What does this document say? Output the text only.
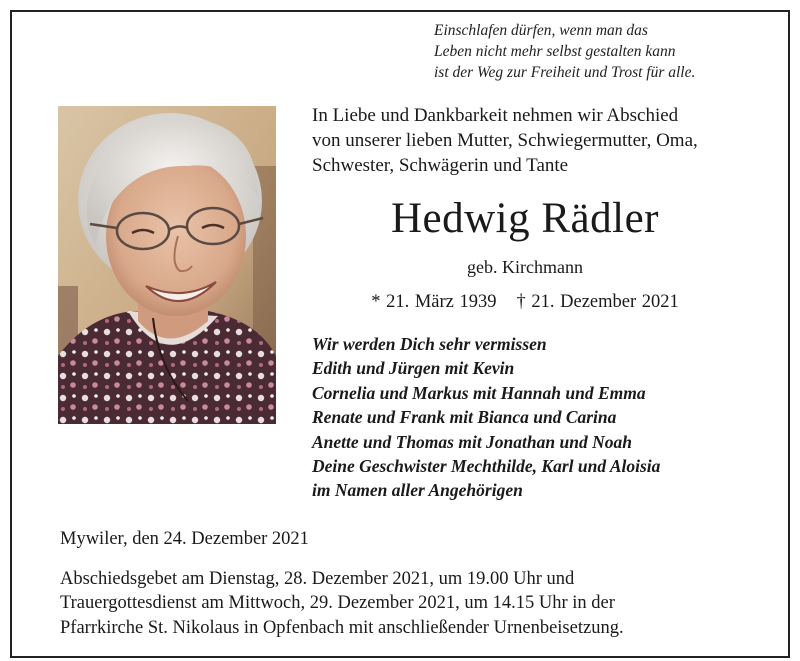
Einschlafen dürfen, wenn man das
Leben nicht mehr selbst gestalten kann
ist der Weg zur Freiheit und Trost für alle.
In Liebe und Dankbarkeit nehmen wir Abschied
von unserer lieben Mutter, Schwiegermutter, Oma,
Schwester, Schwägerin und Tante
Hedwig Rädler
geb. Kirchmann
* 21. März 1939 † 21. Dezember 2021
Wir werden Dich sehr vermissen
Edith und Jürgen mit Kevin
Cornelia und Markus mit Hannah und Emma
Renate und Frank mit Bianca und Carina
Anette und Thomas mit Jonathan und Noah
Deine Geschwister Mechthilde, Karl und Aloisia
im Namen aller Angehörigen
Mywiler, den 24. Dezember 2021
Abschiedsgebet am Dienstag, 28. Dezember 2021, um 19.00 Uhr und
Trauergottesdienst am Mittwoch, 29. Dezember 2021, um 14.15 Uhr in der
Pfarrkirche St. Nikolaus in Opfenbach mit anschließender Urnenbeisetzung.
